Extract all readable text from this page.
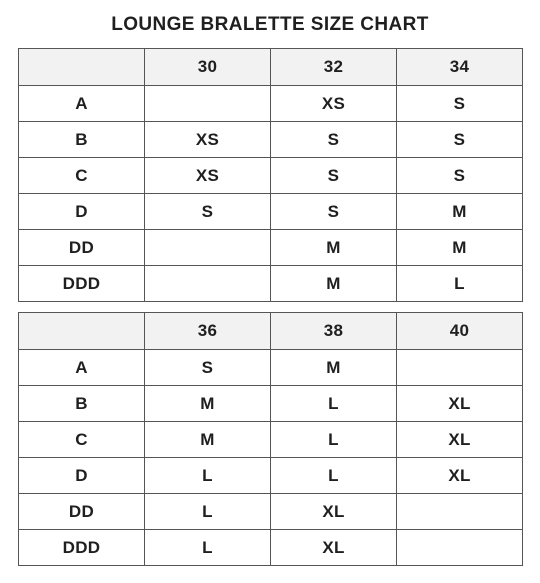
LOUNGE BRALETTE SIZE CHART
	30	32	34
A		XS	S
B	XS	S	S
C	XS	S	S
D	S	S	M
DD		M	M
DDD		M	L
	36	38	40
A	S	M	
B	M	L	XL
C	M	L	XL
D	L	L	XL
DD	L	XL	
DDD	L	XL	
